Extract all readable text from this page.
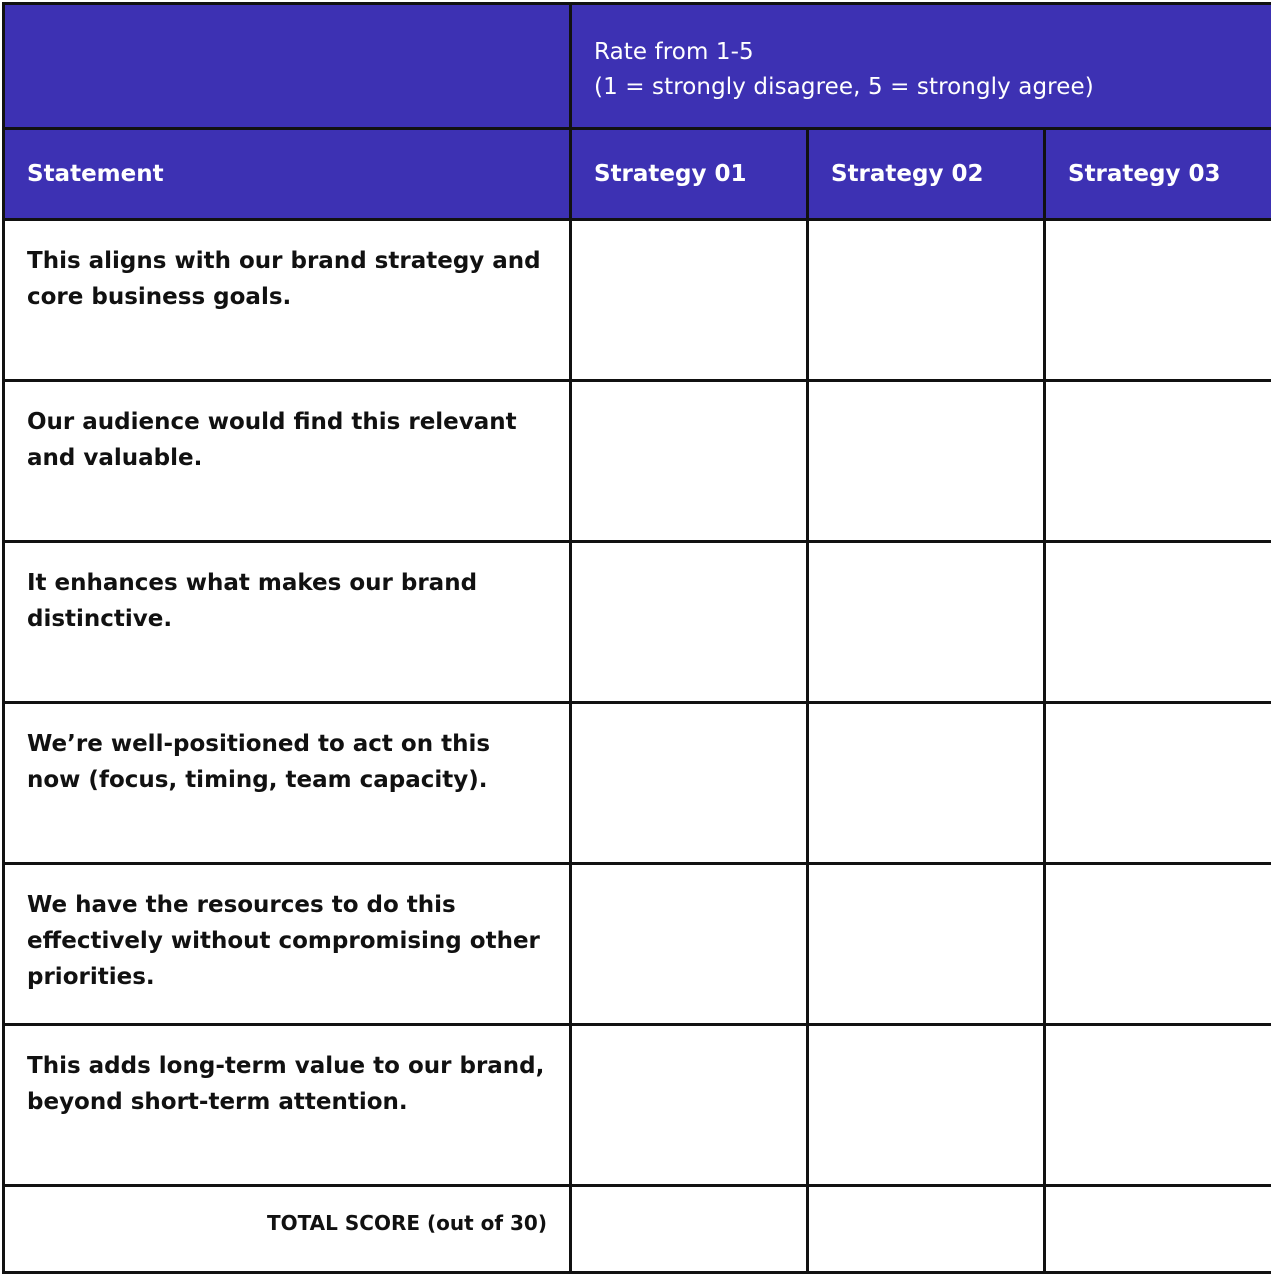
Rate from 1-5
(1 = strongly disagree, 5 = strongly agree)
Statement	Strategy 01	Strategy 02	Strategy 03
This aligns with our brand strategy and core business goals.
Our audience would find this relevant and valuable.
It enhances what makes our brand distinctive.
We’re well-positioned to act on this now (focus, timing, team capacity).
We have the resources to do this effectively without compromising other priorities.
This adds long-term value to our brand, beyond short-term attention.
TOTAL SCORE (out of 30)
